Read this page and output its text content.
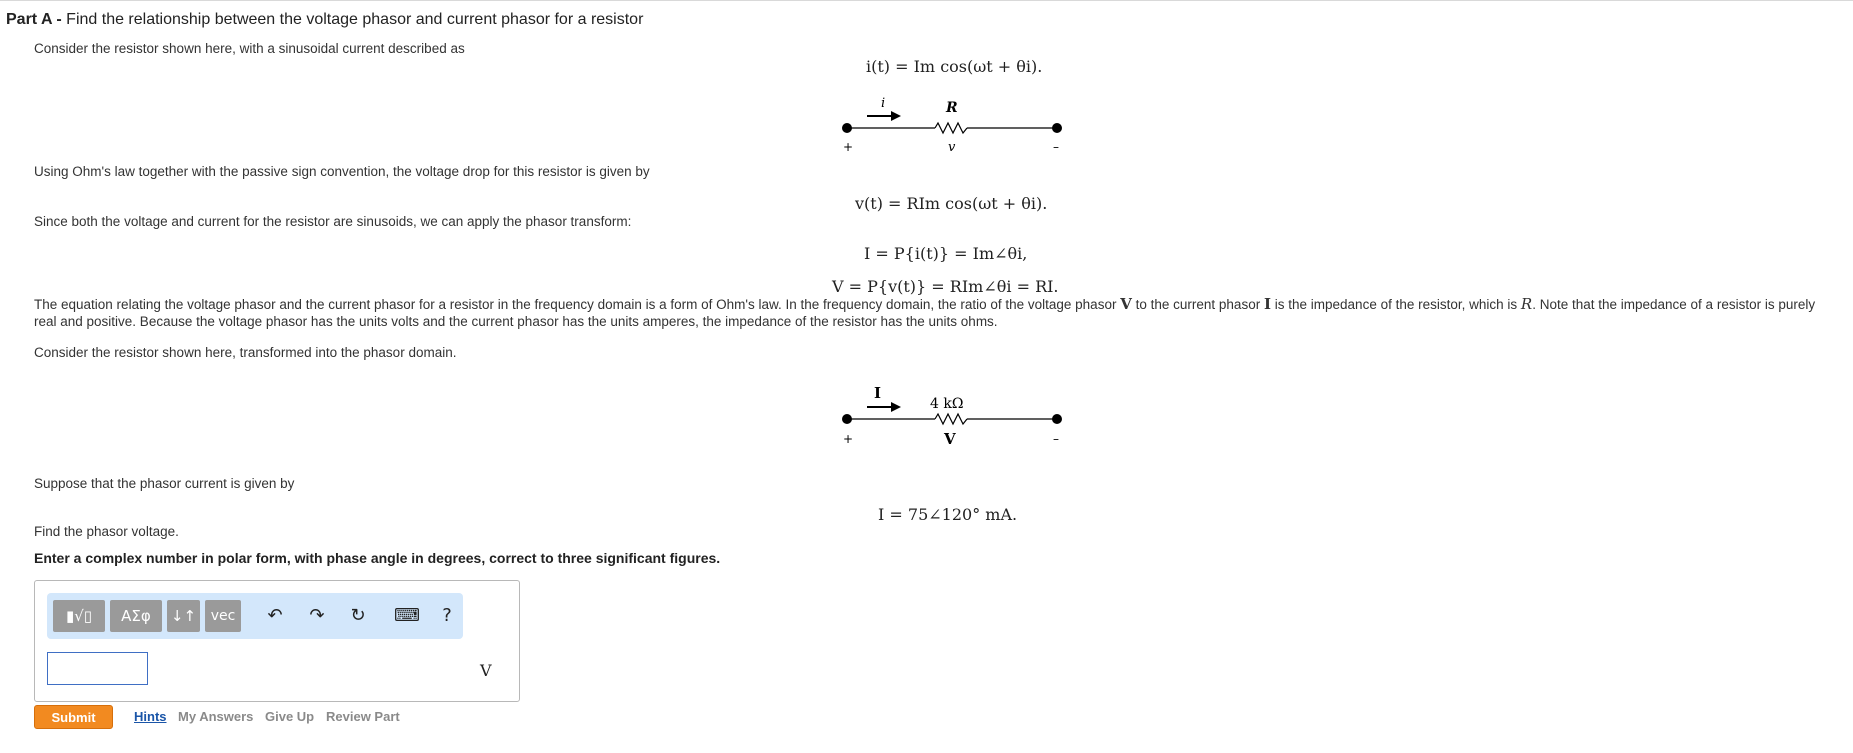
Part A - Find the relationship between the voltage phasor and current phasor for a resistor
Consider the resistor shown here, with a sinusoidal current described as
i(t) = Im cos(ωt + θi).
i	R
v
+	–
Using Ohm's law together with the passive sign convention, the voltage drop for this resistor is given by
v(t) = RIm cos(ωt + θi).
Since both the voltage and current for the resistor are sinusoids, we can apply the phasor transform:
I = P{i(t)} = Im∠θi,
V = P{v(t)} = RIm∠θi = RI.
The equation relating the voltage phasor and the current phasor for a resistor in the frequency domain is a form of Ohm's law. In the frequency domain, the ratio of the voltage phasor V to the current phasor I is the impedance of the resistor, which is R. Note that the impedance of a resistor is purely real and positive. Because the voltage phasor has the units volts and the current phasor has the units amperes, the impedance of the resistor has the units ohms.
Consider the resistor shown here, transformed into the phasor domain.
I
4 kΩ
V
+	–
Suppose that the phasor current is given by
I = 75∠120° mA.
Find the phasor voltage.
Enter a complex number in polar form, with phase angle in degrees, correct to three significant figures.
▮√▯	ΑΣφ	↓↑	vec	↶ ↷ ↻ ⌨	?
V
Submit	Hints My Answers Give Up Review Part
